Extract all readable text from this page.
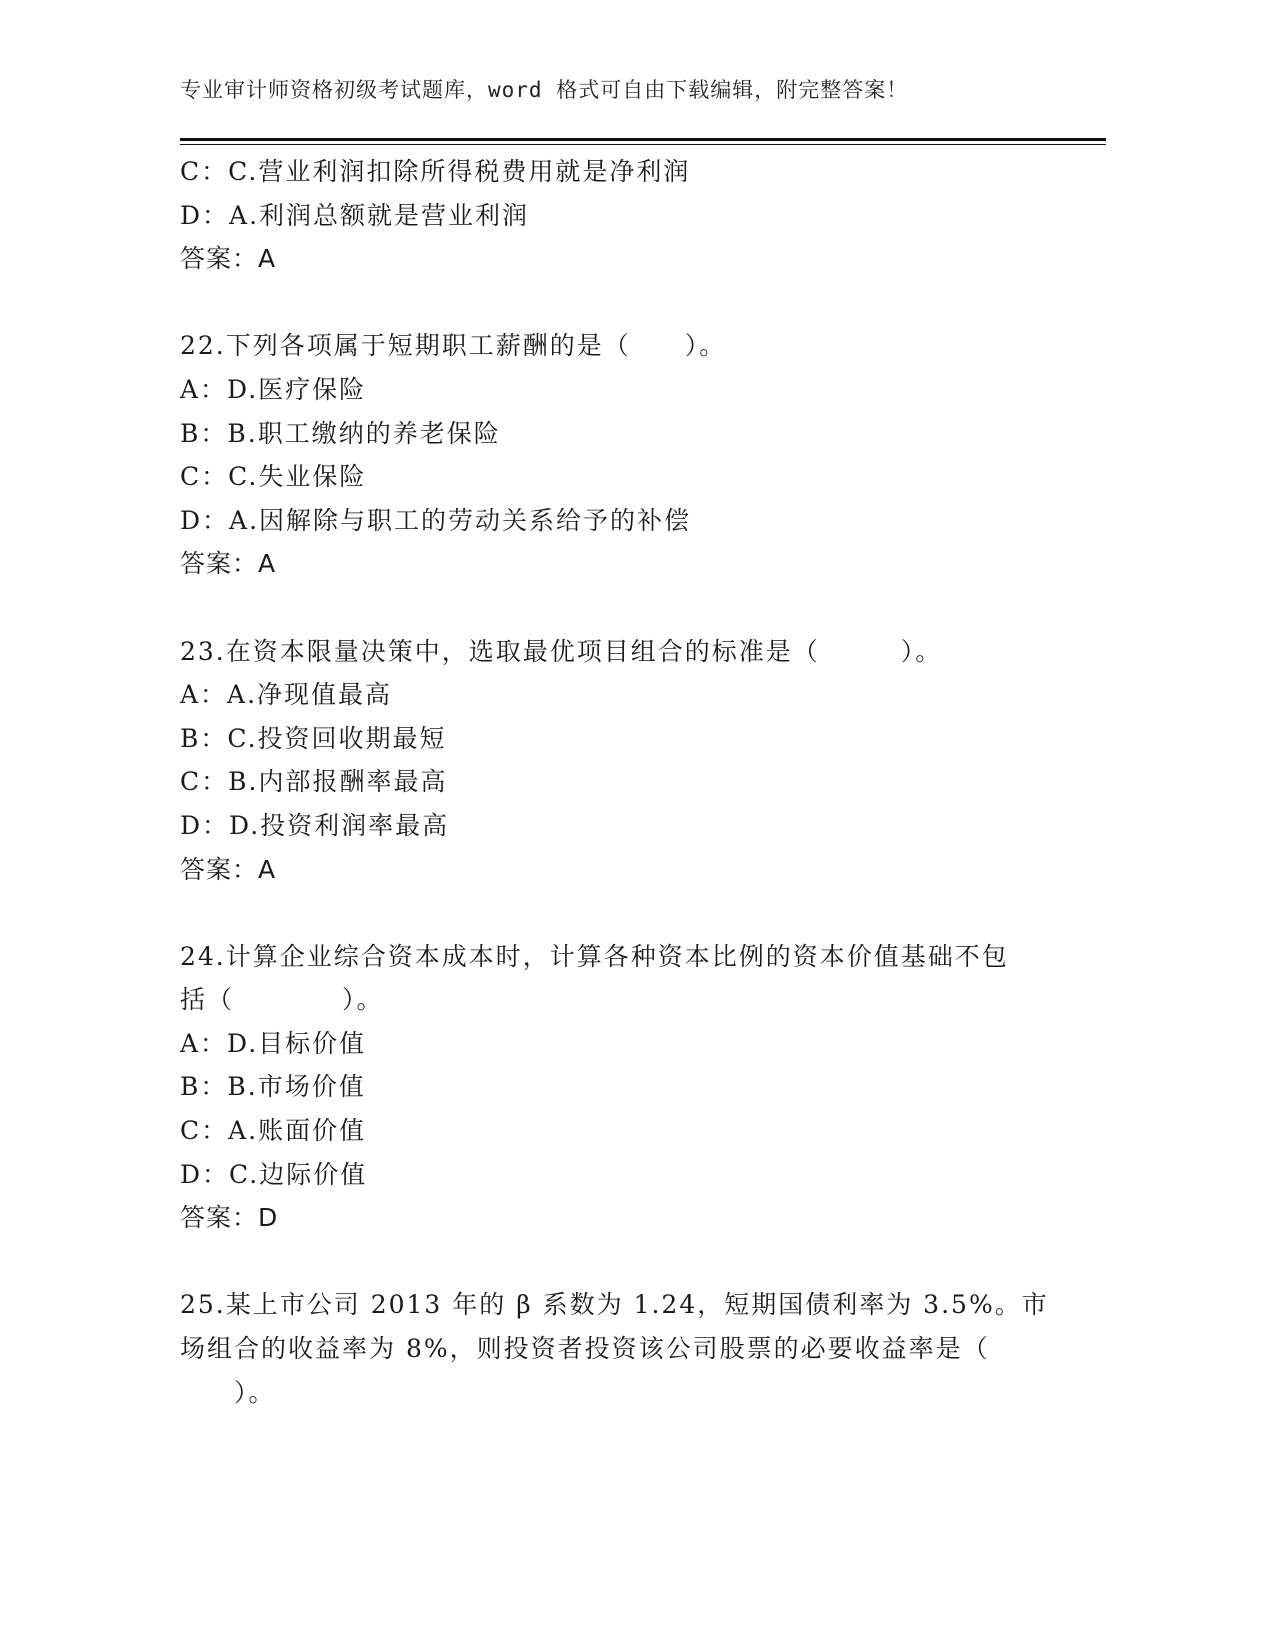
专业审计师资格初级考试题库，word 格式可自由下载编辑，附完整答案！
C：C.营业利润扣除所得税费用就是净利润
D：A.利润总额就是营业利润
答案：A
22.下列各项属于短期职工薪酬的是（　　）。
A：D.医疗保险
B：B.职工缴纳的养老保险
C：C.失业保险
D：A.因解除与职工的劳动关系给予的补偿
答案：A
23.在资本限量决策中，选取最优项目组合的标准是（　　　）。
A：A.净现值最高
B：C.投资回收期最短
C：B.内部报酬率最高
D：D.投资利润率最高
答案：A
24.计算企业综合资本成本时，计算各种资本比例的资本价值基础不包
括（　　　　）。
A：D.目标价值
B：B.市场价值
C：A.账面价值
D：C.边际价值
答案：D
25.某上市公司 2013 年的 β 系数为 1.24，短期国债利率为 3.5%。市
场组合的收益率为 8%，则投资者投资该公司股票的必要收益率是（
　　）。
